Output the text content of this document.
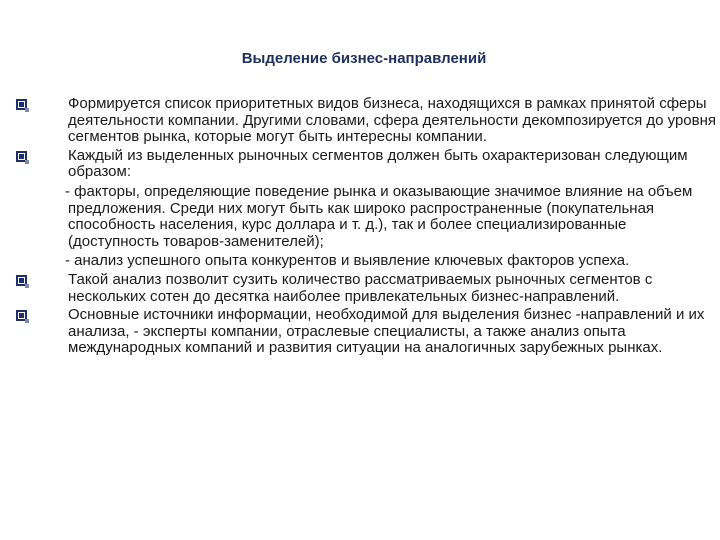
Выделение бизнес-направлений
Формируется список приоритетных видов бизнеса, находящихся в рамках принятой сферы деятельности компании. Другими словами, сфера деятельности декомпозируется до уровня сегментов рынка, которые могут быть интересны компании.
Каждый из выделенных рыночных сегментов должен быть охарактеризован следующим образом:
- факторы, определяющие поведение рынка и оказывающие значимое влияние на объем предложения. Среди них могут быть как широко распространенные (покупательная способность населения, курс доллара и т. д.), так и более специализированные (доступность товаров-заменителей);
- анализ успешного опыта конкурентов и выявление ключевых факторов успеха.
Такой анализ позволит сузить количество рассматриваемых рыночных сегментов с нескольких сотен до десятка наиболее привлекательных бизнес-направлений.
Основные источники информации, необходимой для выделения бизнес -направлений и их анализа, - эксперты компании, отраслевые специалисты, а также анализ опыта международных компаний и развития ситуации на аналогичных зарубежных рынках.
